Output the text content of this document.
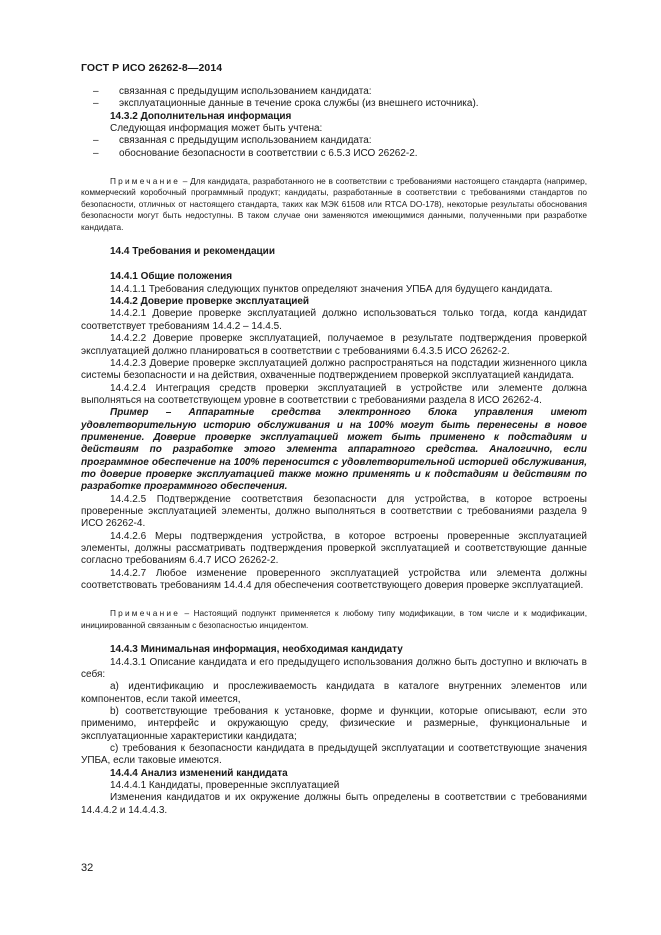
ГОСТ Р ИСО 26262-8—2014

– связанная с предыдущим использованием кандидата:

– эксплуатационные данные в течение срока службы (из внешнего источника).

14.3.2 Дополнительная информация

Следующая информация может быть учтена:

– связанная с предыдущим использованием кандидата:

– обоснование безопасности в соответствии с 6.5.3 ИСО 26262-2.

Примечание – Для кандидата, разработанного не в соответствии с требованиями настоящего стандарта (например, коммерческий коробочный программный продукт; кандидаты, разработанные в соответствии с требованиями стандартов по безопасности, отличных от настоящего стандарта, таких как МЭК 61508 или RTCA DO-178), некоторые результаты обоснования безопасности могут быть недоступны. В таком случае они заменяются имеющимися данными, полученными при разработке кандидата.

14.4 Требования и рекомендации

14.4.1 Общие положения

14.4.1.1 Требования следующих пунктов определяют значения УПБА для будущего кандидата.

14.4.2 Доверие проверке эксплуатацией

14.4.2.1 Доверие проверке эксплуатацией должно использоваться только тогда, когда кандидат соответствует требованиям 14.4.2 – 14.4.5.

14.4.2.2 Доверие проверке эксплуатацией, получаемое в результате подтверждения проверкой эксплуатацией должно планироваться в соответствии с требованиями 6.4.3.5 ИСО 26262-2.

14.4.2.3 Доверие проверке эксплуатацией должно распространяться на подстадии жизненного цикла системы безопасности и на действия, охваченные подтверждением проверкой эксплуатацией кандидата.

14.4.2.4 Интеграция средств проверки эксплуатацией в устройстве или элементе должна выполняться на соответствующем уровне в соответствии с требованиями раздела 8 ИСО 26262-4.

Пример – Аппаратные средства электронного блока управления имеют удовлетворительную историю обслуживания и на 100% могут быть перенесены в новое применение. Доверие проверке эксплуатацией может быть применено к подстадиям и действиям по разработке этого элемента аппаратного средства. Аналогично, если программное обеспечение на 100% переносится с удовлетворительной историей обслуживания, то доверие проверке эксплуатацией также можно применять и к подстадиям и действиям по разработке программного обеспечения.

14.4.2.5 Подтверждение соответствия безопасности для устройства, в которое встроены проверенные эксплуатацией элементы, должно выполняться в соответствии с требованиями раздела 9 ИСО 26262-4.

14.4.2.6 Меры подтверждения устройства, в которое встроены проверенные эксплуатацией элементы, должны рассматривать подтверждения проверкой эксплуатацией и соответствующие данные согласно требованиям 6.4.7 ИСО 26262-2.

14.4.2.7 Любое изменение проверенного эксплуатацией устройства или элемента должны соответствовать требованиям 14.4.4 для обеспечения соответствующего доверия проверке эксплуатацией.

Примечание – Настоящий подпункт применяется к любому типу модификации, в том числе и к модификации, инициированной связанным с безопасностью инцидентом.

14.4.3 Минимальная информация, необходимая кандидату

14.4.3.1 Описание кандидата и его предыдущего использования должно быть доступно и включать в себя:

а) идентификацию и прослеживаемость кандидата в каталоге внутренних элементов или компонентов, если такой имеется,

b) соответствующие требования к установке, форме и функции, которые описывают, если это применимо, интерфейс и окружающую среду, физические и размерные, функциональные и эксплуатационные характеристики кандидата;

с) требования к безопасности кандидата в предыдущей эксплуатации и соответствующие значения УПБА, если таковые имеются.

14.4.4 Анализ изменений кандидата

14.4.4.1 Кандидаты, проверенные эксплуатацией

Изменения кандидатов и их окружение должны быть определены в соответствии с требованиями 14.4.4.2 и 14.4.4.3.

32
